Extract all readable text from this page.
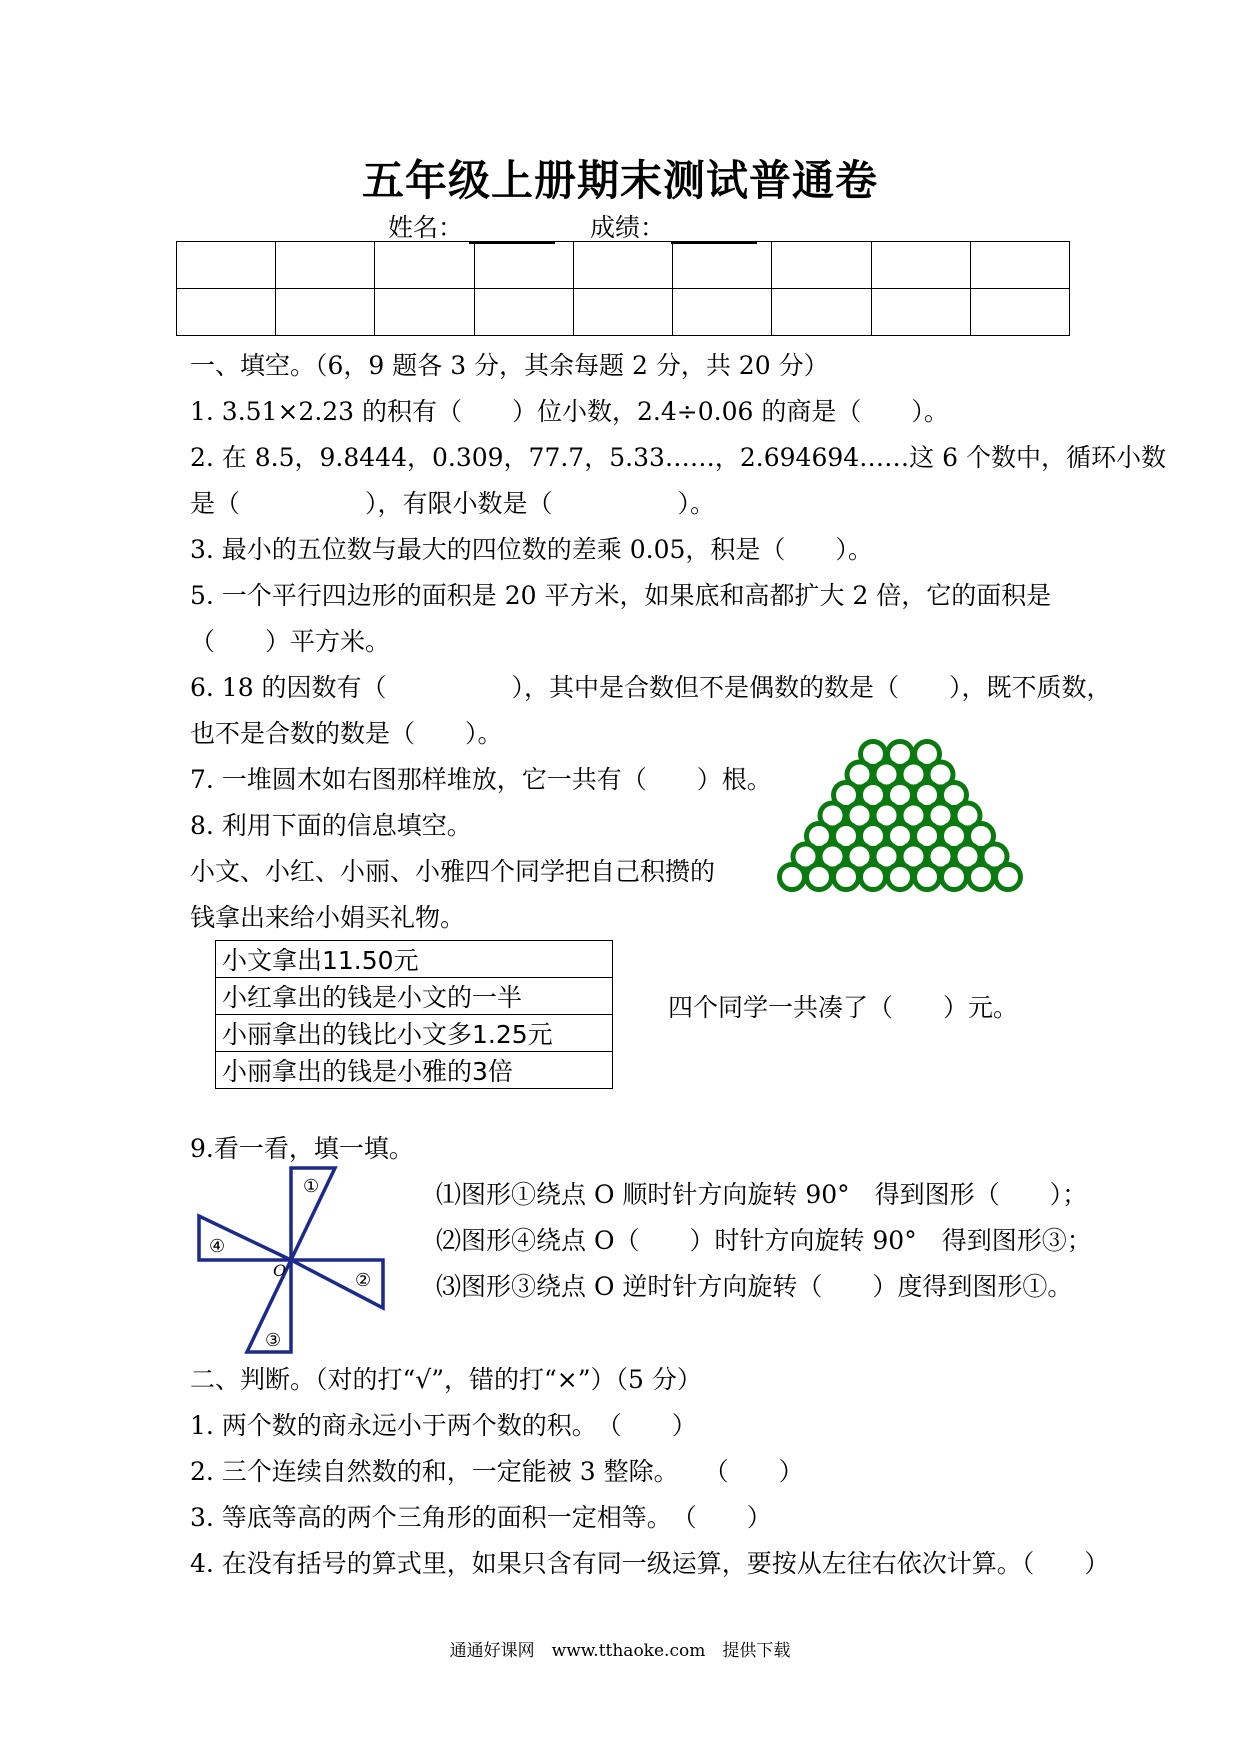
五年级上册期末测试普通卷
姓名：	成绩：

一、填空。（6，9 题各 3 分，其余每题 2 分，共 20 分）
1. 3.51×2.23 的积有（　　）位小数，2.4÷0.06 的商是（　　）。
2. 在 8.5，9.8444，0.309，77.7，5.33……，2.694694……这 6 个数中，循环小数
是（　　　　　），有限小数是（　　　　　）。
3. 最小的五位数与最大的四位数的差乘 0.05，积是（　　）。
5. 一个平行四边形的面积是 20 平方米，如果底和高都扩大 2 倍，它的面积是
（　　）平方米。
6. 18 的因数有（　　　　　），其中是合数但不是偶数的数是（　　），既不质数，
也不是合数的数是（　　）。
7. 一堆圆木如右图那样堆放，它一共有（　　）根。
8. 利用下面的信息填空。
小文、小红、小丽、小雅四个同学把自己积攒的
钱拿出来给小娟买礼物。
小文拿出11.50元
小红拿出的钱是小文的一半
小丽拿出的钱比小文多1.25元
小丽拿出的钱是小雅的3倍
四个同学一共凑了（　　）元。
9.看一看，填一填。
①
②
③
④
O
⑴图形①绕点 O 顺时针方向旋转 90°　得到图形（　　）；
⑵图形④绕点 O（　　）时针方向旋转 90°　得到图形③；
⑶图形③绕点 O 逆时针方向旋转（　　）度得到图形①。
二、判断。（对的打“√”，错的打“×”）（5 分）
1. 两个数的商永远小于两个数的积。　（　　）
2. 三个连续自然数的和，一定能被 3 整除。　　（　　）
3. 等底等高的两个三角形的面积一定相等。　（　　）
4. 在没有括号的算式里，如果只含有同一级运算，要按从左往右依次计算。（　　）
通通好课网　www.tthaoke.com　提供下载
